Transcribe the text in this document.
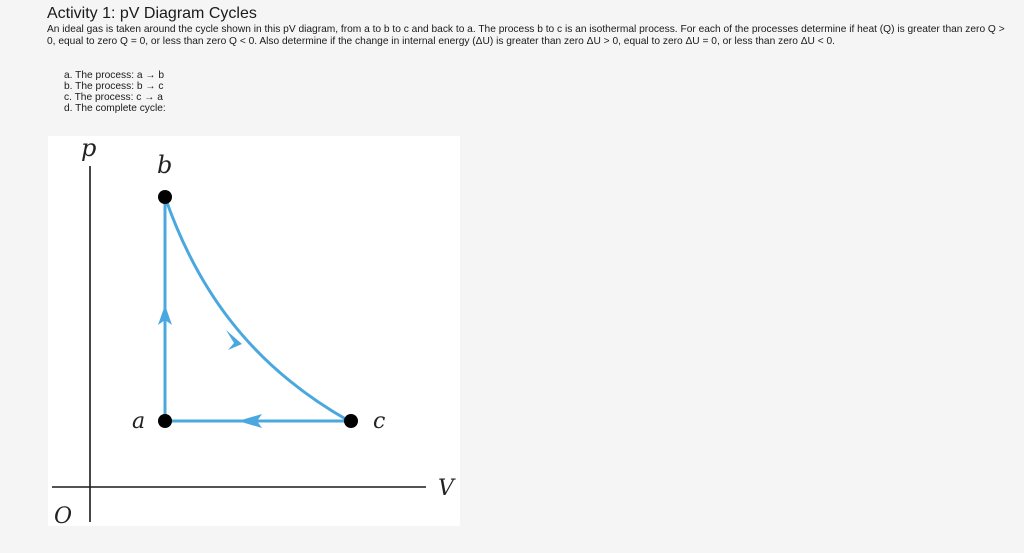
Activity 1: pV Diagram Cycles
An ideal gas is taken around the cycle shown in this pV diagram, from a to b to c and back to a. The process b to c is an isothermal process. For each of the processes determine if heat (Q) is greater than zero Q > 0, equal to zero Q = 0, or less than zero Q < 0. Also determine if the change in internal energy (ΔU) is greater than zero ΔU > 0, equal to zero ΔU = 0, or less than zero ΔU < 0.
a. The process: a → b
b. The process: b → c
c. The process: c → a
d. The complete cycle:
p
V
O
a
b
c
